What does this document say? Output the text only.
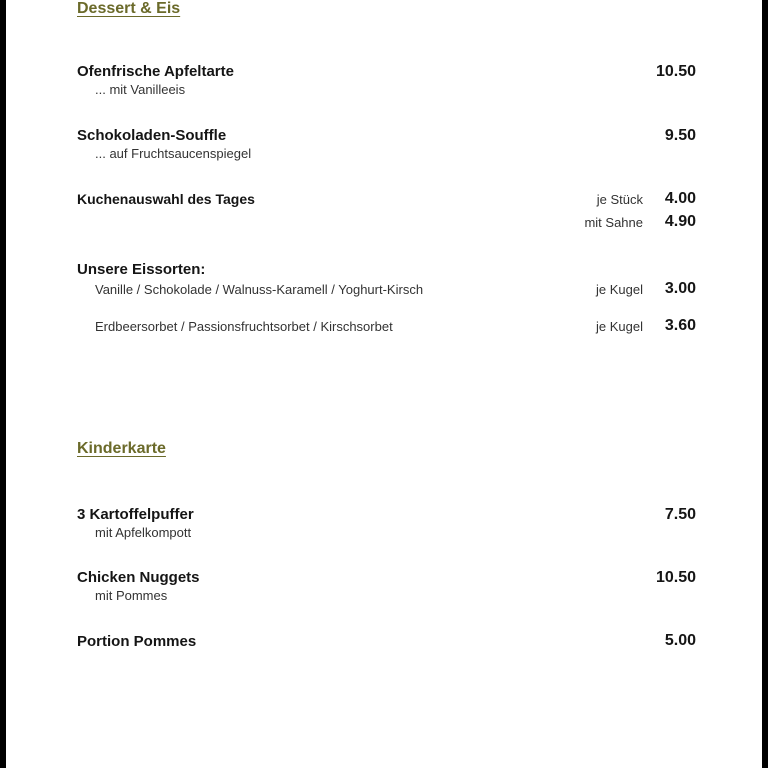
Dessert & Eis
Ofenfrische Apfeltarte
... mit Vanilleeis
10.50
Schokoladen-Souffle
... auf Fruchtsaucenspiegel
9.50
Kuchenauswahl des Tages	je Stück	4.00
mit Sahne	4.90
Unsere Eissorten:
Vanille / Schokolade / Walnuss-Karamell / Yoghurt-Kirsch	je Kugel	3.00
Erdbeersorbet / Passionsfruchtsorbet / Kirschsorbet	je Kugel	3.60
Kinderkarte
3 Kartoffelpuffer
mit Apfelkompott
7.50
Chicken Nuggets
mit Pommes
10.50
Portion Pommes	5.00
